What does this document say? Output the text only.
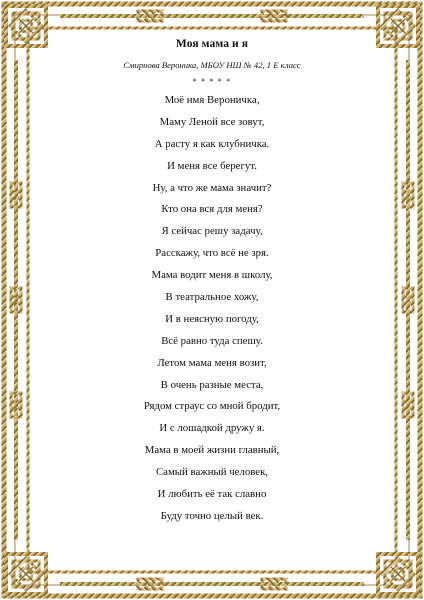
Моя мама и я
Смирнова Вероника, МБОУ НШ № 42, 1 Е класс
* * * * *
Моё имя Вероничка,
Маму Леной все зовут,
А расту я как клубничка.
И меня все берегут.
Ну, а что же мама значит?
Кто она вся для меня?
Я сейчас решу задачу,
Расскажу, что всё не зря.
Мама водит меня в школу,
В театральное хожу,
И в неясную погоду,
Всё равно туда спешу.
Летом мама меня возит,
В очень разные места,
Рядом страус со мной бродит,
И с лошадкой дружу я.
Мама в моей жизни главный,
Самый важный человек,
И любить её так славно
Буду точно целый век.
